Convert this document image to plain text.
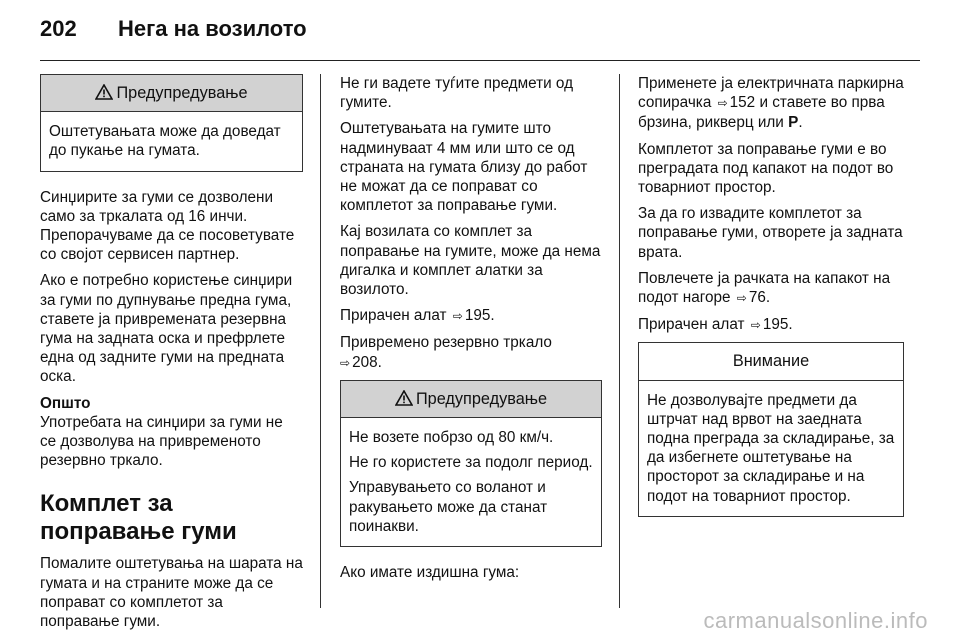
202	Нега на возилото
Предупредување

Оштетувањата може да доведат до пукање на гумата.

Синџирите за гуми се дозволени само за тркалата од 16 инчи. Препорачуваме да се посоветувате со својот сервисен партнер.

Ако е потребно користење синџири за гуми по дупнување предна гума, ставете ја привремената резервна гума на задната оска и префрлете една од задните гуми на предната оска.

Општо

Употребата на синџири за гуми не се дозволува на привременото резервно тркало.

Комплет за поправање гуми

Помалите оштетувања на шарата на гумата и на страните може да се поправат со комплетот за поправање гуми.

Не ги вадете туѓите предмети од гумите.

Оштетувањата на гумите што надминуваат 4 мм или што се од страната на гумата близу до работ не можат да се поправат со комплетот за поправање гуми.

Кај возилата со комплет за поправање на гумите, може да нема дигалка и комплет алатки за возилото.

Прирачен алат ⇨ 195.

Привремено резервно тркало
⇨ 208.

Предупредување

Не возете побрзо од 80 км/ч.

Не го користете за подолг период.

Управувањето со воланот и ракувањето може да станат поинакви.

Ако имате издишна гума:

Применете ја електричната паркирна сопирачка ⇨ 152 и ставете во прва брзина, рикверц или P.

Комплетот за поправање гуми е во преградата под капакот на подот во товарниот простор.

За да го извадите комплетот за поправање гуми, отворете ја задната врата.

Повлечете ја рачката на капакот на подот нагоре ⇨ 76.

Прирачен алат ⇨ 195.

Внимание

Не дозволувајте предмети да штрчат над врвот на заедната подна преграда за складирање, за да избегнете оштетување на просторот за складирање и на подот на товарниот простор.

carmanualsonline.info
